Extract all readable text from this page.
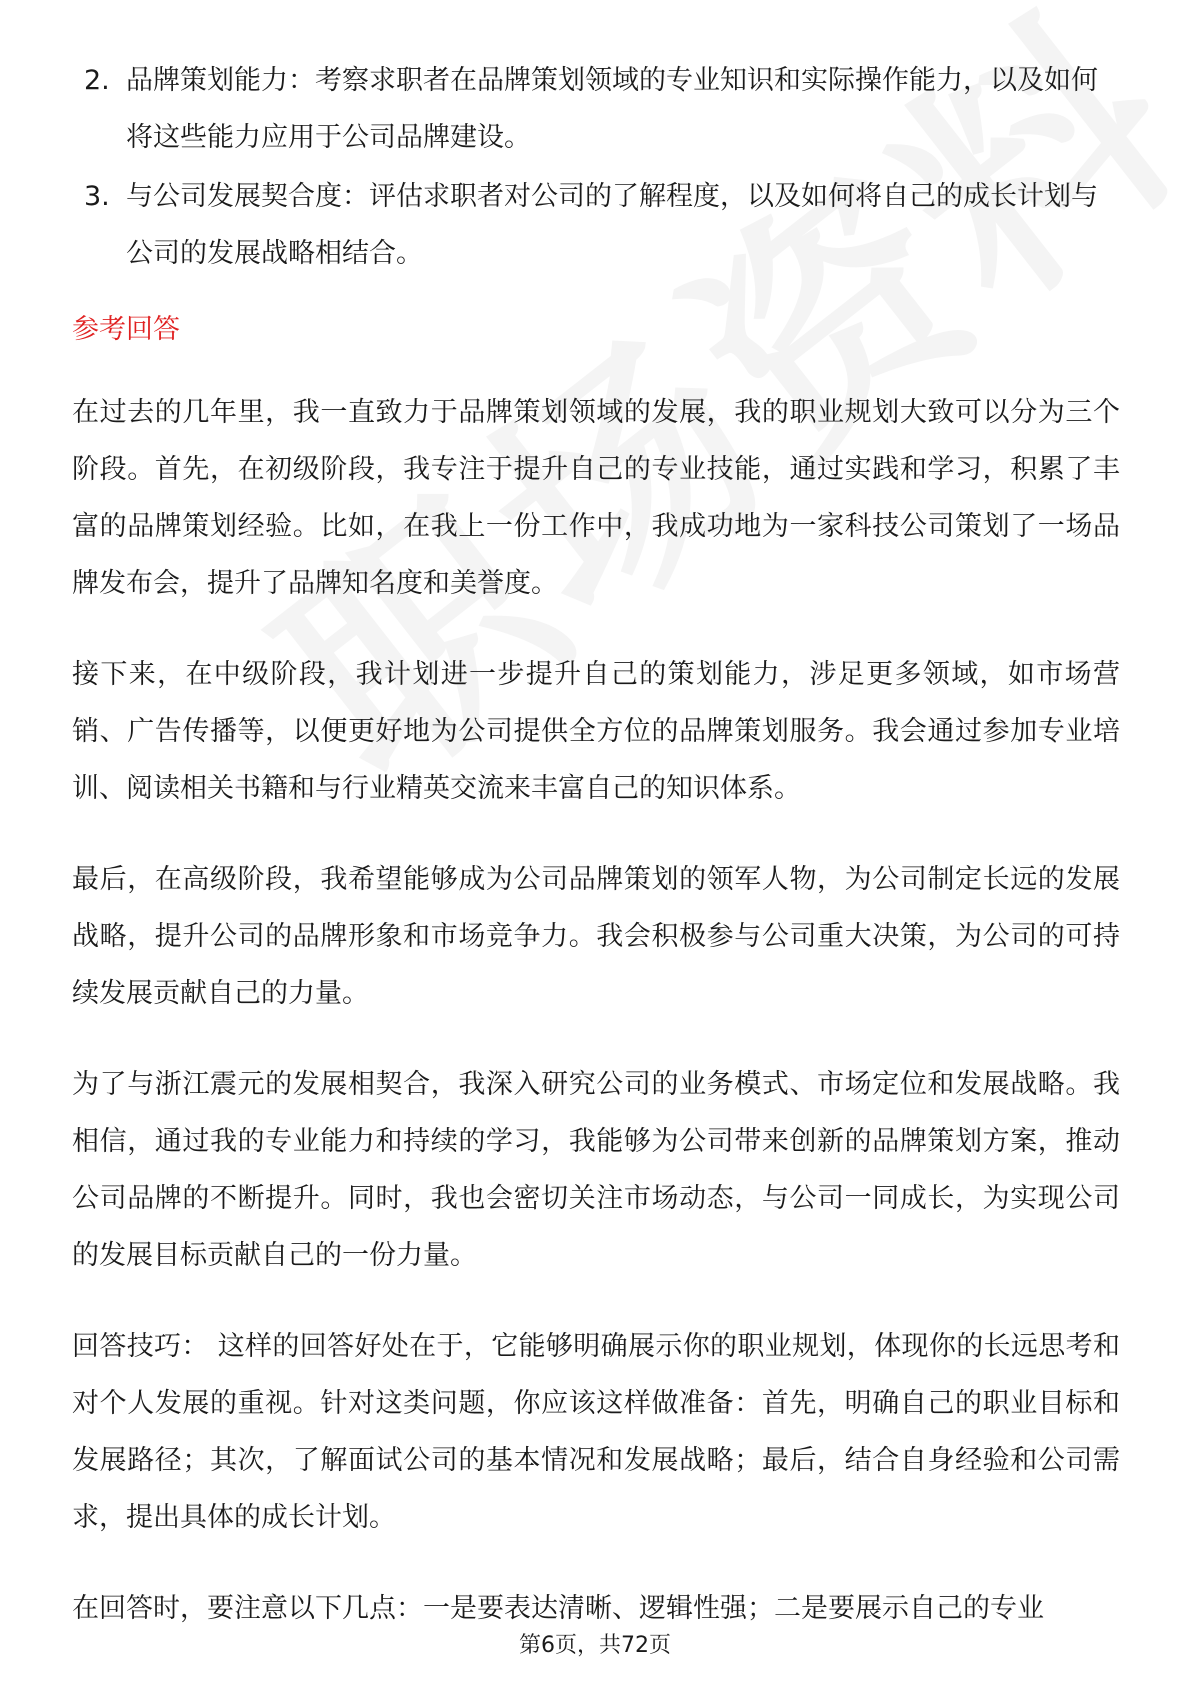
2. 品牌策划能力：考察求职者在品牌策划领域的专业知识和实际操作能力，以及如何将这些能力应用于公司品牌建设。
3. 与公司发展契合度：评估求职者对公司的了解程度，以及如何将自己的成长计划与公司的发展战略相结合。
参考回答

在过去的几年里，我一直致力于品牌策划领域的发展，我的职业规划大致可以分为三个阶段。首先，在初级阶段，我专注于提升自己的专业技能，通过实践和学习，积累了丰富的品牌策划经验。比如，在我上一份工作中，我成功地为一家科技公司策划了一场品牌发布会，提升了品牌知名度和美誉度。

接下来，在中级阶段，我计划进一步提升自己的策划能力，涉足更多领域，如市场营销、广告传播等，以便更好地为公司提供全方位的品牌策划服务。我会通过参加专业培训、阅读相关书籍和与行业精英交流来丰富自己的知识体系。

最后，在高级阶段，我希望能够成为公司品牌策划的领军人物，为公司制定长远的发展战略，提升公司的品牌形象和市场竞争力。我会积极参与公司重大决策，为公司的可持续发展贡献自己的力量。

为了与浙江震元的发展相契合，我深入研究公司的业务模式、市场定位和发展战略。我相信，通过我的专业能力和持续的学习，我能够为公司带来创新的品牌策划方案，推动公司品牌的不断提升。同时，我也会密切关注市场动态，与公司一同成长，为实现公司的发展目标贡献自己的一份力量。

回答技巧： 这样的回答好处在于，它能够明确展示你的职业规划，体现你的长远思考和对个人发展的重视。针对这类问题，你应该这样做准备：首先，明确自己的职业目标和发展路径；其次，了解面试公司的基本情况和发展战略；最后，结合自身经验和公司需求，提出具体的成长计划。

在回答时，要注意以下几点：一是要表达清晰、逻辑性强；二是要展示自己的专业

第6页，共72页
